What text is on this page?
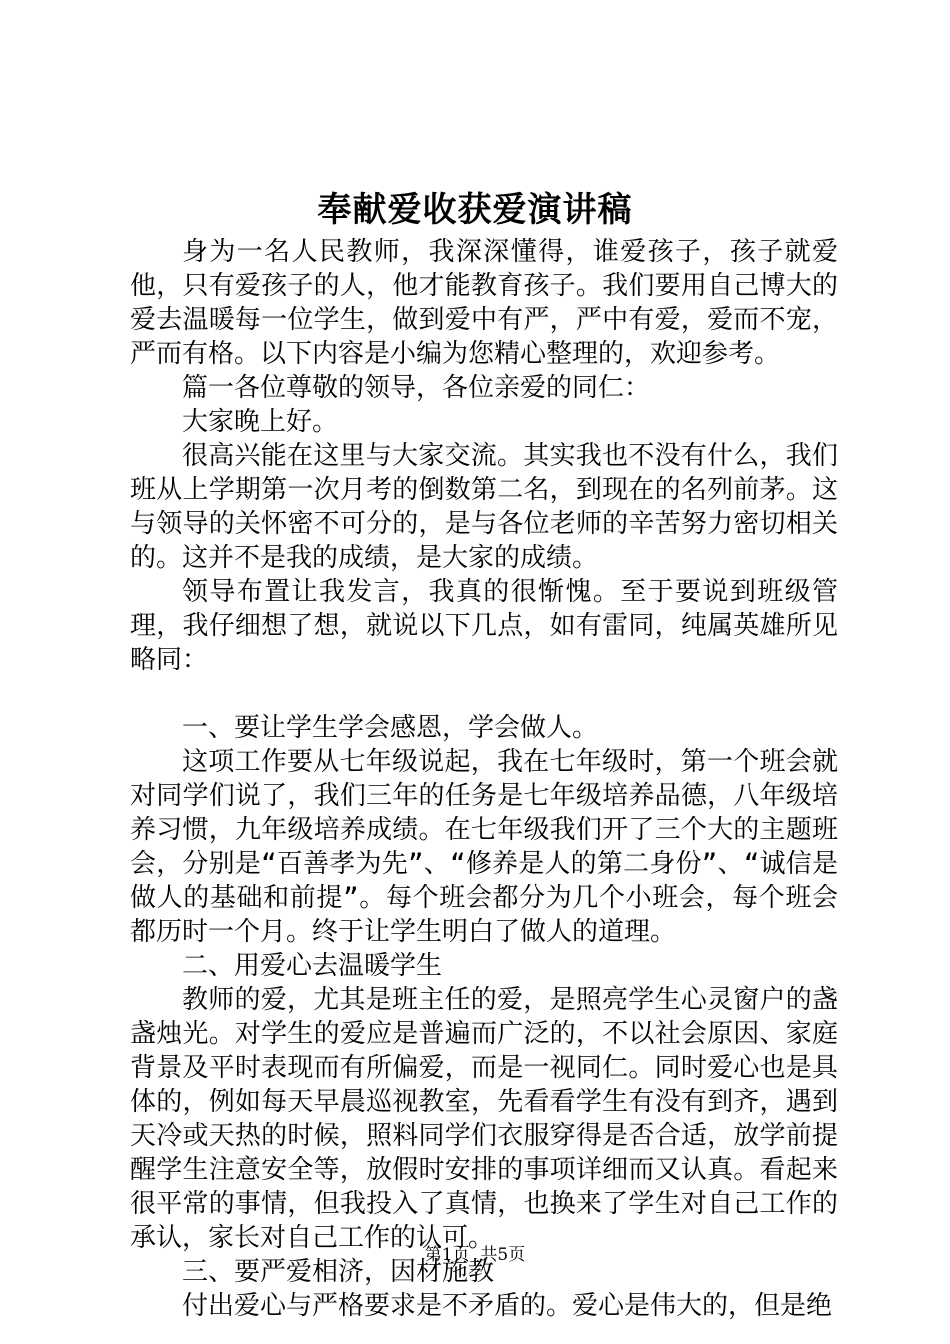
奉献爱收获爱演讲稿

身为一名人民教师，我深深懂得，谁爱孩子，孩子就爱他，只有爱孩子的人，他才能教育孩子。我们要用自己博大的爱去温暖每一位学生，做到爱中有严，严中有爱，爱而不宠，严而有格。以下内容是小编为您精心整理的，欢迎参考。

篇一各位尊敬的领导，各位亲爱的同仁：

大家晚上好。

很高兴能在这里与大家交流。其实我也不没有什么，我们班从上学期第一次月考的倒数第二名，到现在的名列前茅。这与领导的关怀密不可分的，是与各位老师的辛苦努力密切相关的。这并不是我的成绩，是大家的成绩。

领导布置让我发言，我真的很惭愧。至于要说到班级管理，我仔细想了想，就说以下几点，如有雷同，纯属英雄所见略同：

一、要让学生学会感恩，学会做人。

这项工作要从七年级说起，我在七年级时，第一个班会就对同学们说了，我们三年的任务是七年级培养品德，八年级培养习惯，九年级培养成绩。在七年级我们开了三个大的主题班会，分别是“百善孝为先”、“修养是人的第二身份”、“诚信是做人的基础和前提”。每个班会都分为几个小班会，每个班会都历时一个月。终于让学生明白了做人的道理。

二、用爱心去温暖学生

教师的爱，尤其是班主任的爱，是照亮学生心灵窗户的盏盏烛光。对学生的爱应是普遍而广泛的，不以社会原因、家庭背景及平时表现而有所偏爱，而是一视同仁。同时爱心也是具体的，例如每天早晨巡视教室，先看看学生有没有到齐，遇到天冷或天热的时候，照料同学们衣服穿得是否合适，放学前提醒学生注意安全等，放假时安排的事项详细而又认真。看起来很平常的事情，但我投入了真情，也换来了学生对自己工作的承认，家长对自己工作的认可。

三、要严爱相济，因材施教

付出爱心与严格要求是不矛盾的。爱心是伟大的，但是绝

第1页  共5页
